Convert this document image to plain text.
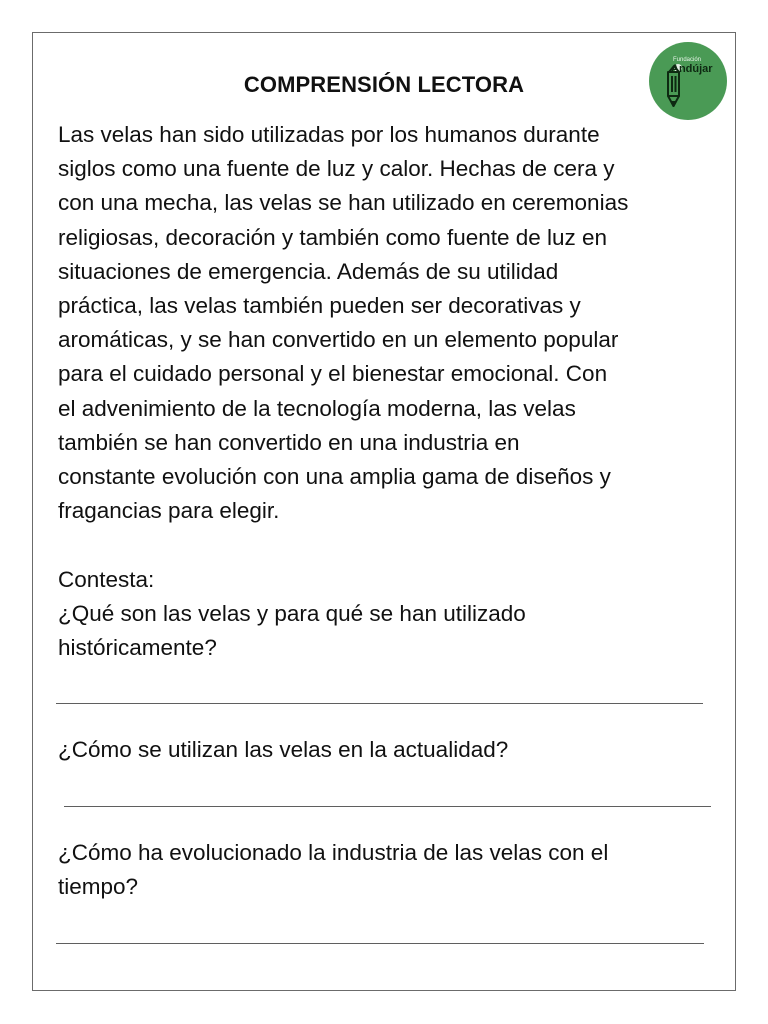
COMPRENSIÓN LECTORA
Fundación
Andújar
Las velas han sido utilizadas por los humanos durante
siglos como una fuente de luz y calor. Hechas de cera y
con una mecha, las velas se han utilizado en ceremonias
religiosas, decoración y también como fuente de luz en
situaciones de emergencia. Además de su utilidad
práctica, las velas también pueden ser decorativas y
aromáticas, y se han convertido en un elemento popular
para el cuidado personal y el bienestar emocional. Con
el advenimiento de la tecnología moderna, las velas
también se han convertido en una industria en
constante evolución con una amplia gama de diseños y
fragancias para elegir.
Contesta:
¿Qué son las velas y para qué se han utilizado
históricamente?
¿Cómo se utilizan las velas en la actualidad?
¿Cómo ha evolucionado la industria de las velas con el
tiempo?
